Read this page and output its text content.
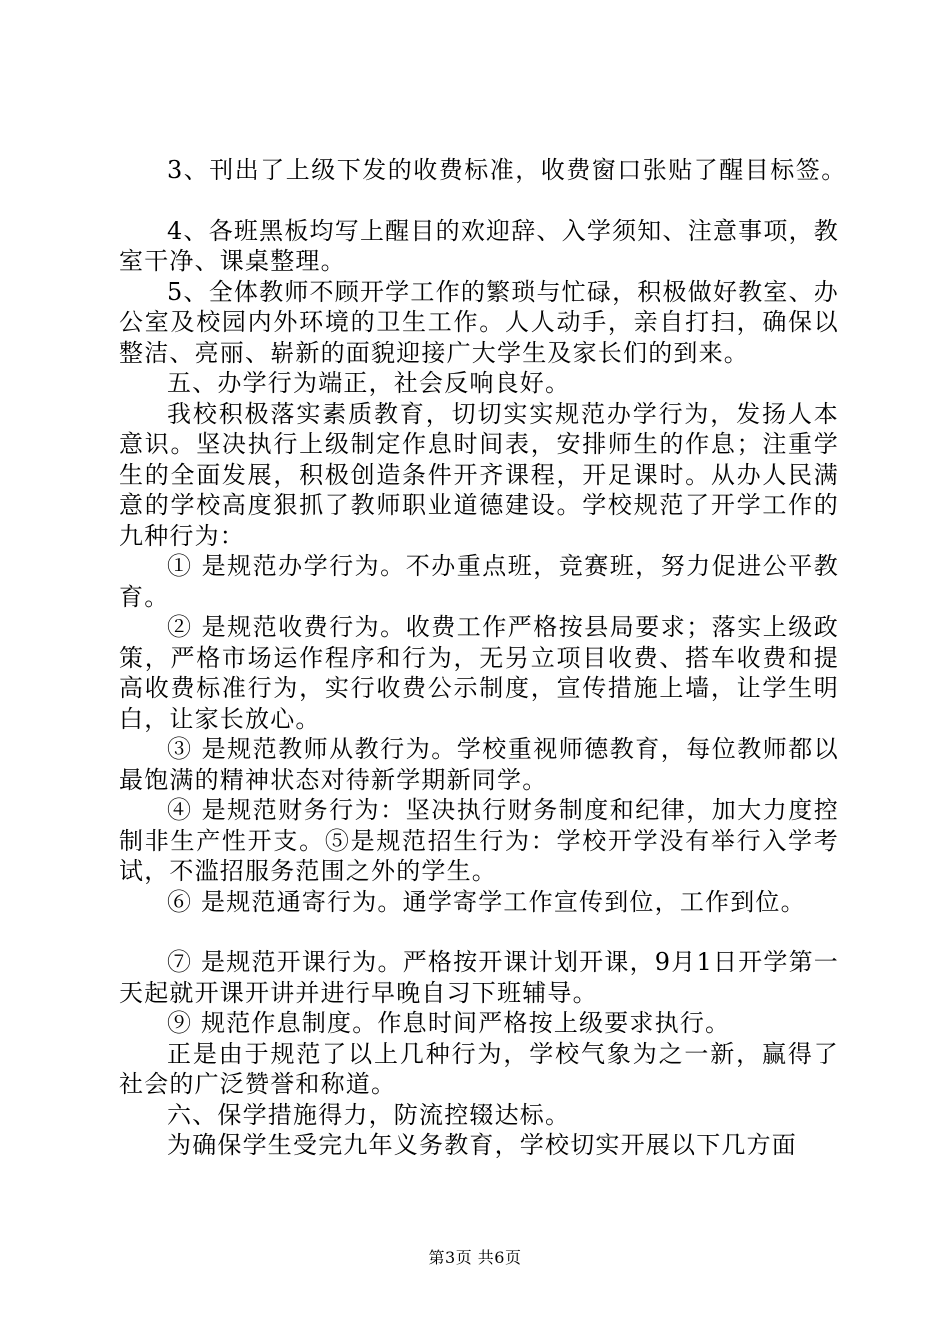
3、刊出了上级下发的收费标准，收费窗口张贴了醒目标签。

4、各班黑板均写上醒目的欢迎辞、入学须知、注意事项，教室干净、课桌整理。

5、全体教师不顾开学工作的繁琐与忙碌，积极做好教室、办公室及校园内外环境的卫生工作。人人动手，亲自打扫，确保以整洁、亮丽、崭新的面貌迎接广大学生及家长们的到来。

五、办学行为端正，社会反响良好。

我校积极落实素质教育，切切实实规范办学行为，发扬人本意识。坚决执行上级制定作息时间表，安排师生的作息；注重学生的全面发展，积极创造条件开齐课程，开足课时。从办人民满意的学校高度狠抓了教师职业道德建设。学校规范了开学工作的九种行为：

① 是规范办学行为。不办重点班，竞赛班，努力促进公平教育。

② 是规范收费行为。收费工作严格按县局要求；落实上级政策，严格市场运作程序和行为，无另立项目收费、搭车收费和提高收费标准行为，实行收费公示制度，宣传措施上墙，让学生明白，让家长放心。

③ 是规范教师从教行为。学校重视师德教育，每位教师都以最饱满的精神状态对待新学期新同学。

④ 是规范财务行为：坚决执行财务制度和纪律，加大力度控制非生产性开支。⑤是规范招生行为：学校开学没有举行入学考试，不滥招服务范围之外的学生。

⑥ 是规范通寄行为。通学寄学工作宣传到位，工作到位。

⑦ 是规范开课行为。严格按开课计划开课，9月1日开学第一天起就开课开讲并进行早晚自习下班辅导。

⑨ 规范作息制度。作息时间严格按上级要求执行。

正是由于规范了以上几种行为，学校气象为之一新，赢得了社会的广泛赞誉和称道。

六、保学措施得力，防流控辍达标。

为确保学生受完九年义务教育，学校切实开展以下几方面

第3页 共6页
